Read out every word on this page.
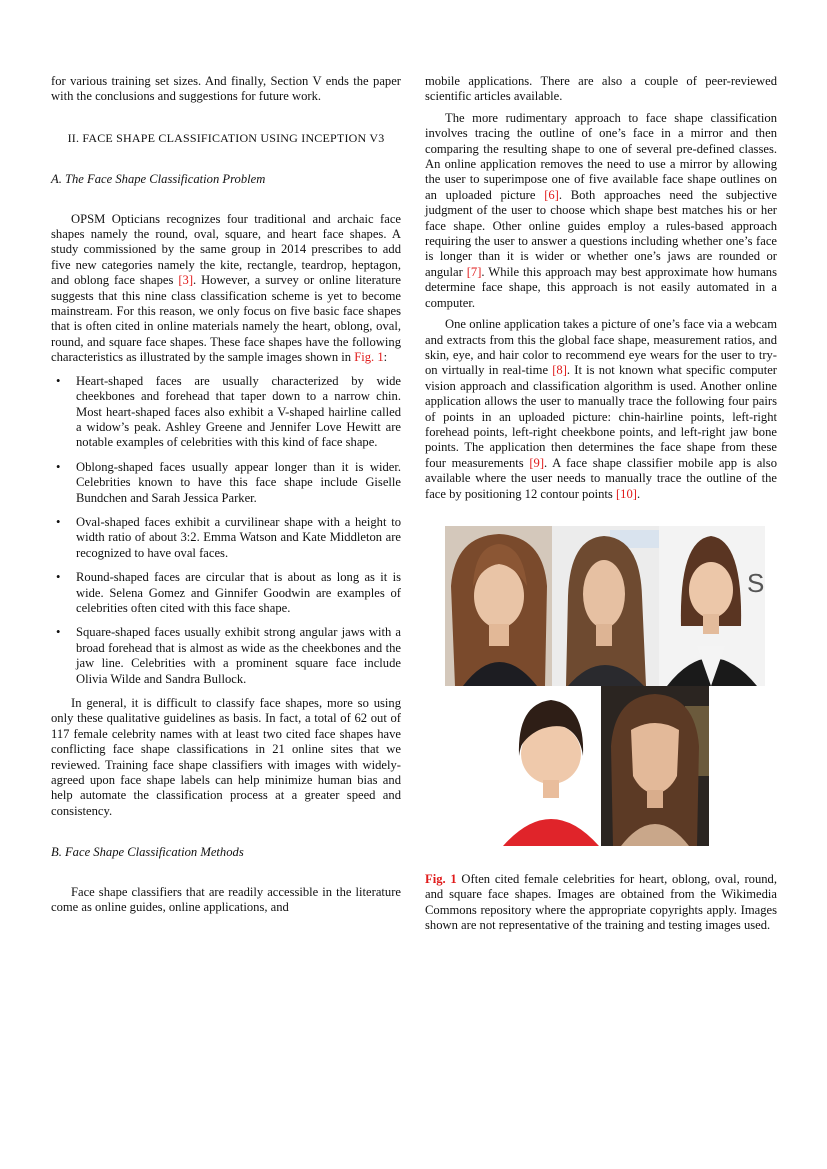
for various training set sizes. And finally, Section V ends the paper with the conclusions and suggestions for future work.

II. FACE SHAPE CLASSIFICATION USING INCEPTION V3

A. The Face Shape Classification Problem

OPSM Opticians recognizes four traditional and archaic face shapes namely the round, oval, square, and heart face shapes. A study commissioned by the same group in 2014 prescribes to add five new categories namely the kite, rectangle, teardrop, heptagon, and oblong face shapes [3]. However, a survey or online literature suggests that this nine class classification scheme is yet to become mainstream. For this reason, we only focus on five basic face shapes that is often cited in online materials namely the heart, oblong, oval, round, and square face shapes. These face shapes have the following characteristics as illustrated by the sample images shown in Fig. 1:

• Heart-shaped faces are usually characterized by wide cheekbones and forehead that taper down to a narrow chin. Most heart-shaped faces also exhibit a V-shaped hairline called a widow’s peak. Ashley Greene and Jennifer Love Hewitt are notable examples of celebrities with this kind of face shape.
• Oblong-shaped faces usually appear longer than it is wider. Celebrities known to have this face shape include Giselle Bundchen and Sarah Jessica Parker.
• Oval-shaped faces exhibit a curvilinear shape with a height to width ratio of about 3:2. Emma Watson and Kate Middleton are recognized to have oval faces.
• Round-shaped faces are circular that is about as long as it is wide. Selena Gomez and Ginnifer Goodwin are examples of celebrities often cited with this face shape.
• Square-shaped faces usually exhibit strong angular jaws with a broad forehead that is almost as wide as the cheekbones and the jaw line. Celebrities with a prominent square face include Olivia Wilde and Sandra Bullock.

In general, it is difficult to classify face shapes, more so using only these qualitative guidelines as basis. In fact, a total of 62 out of 117 female celebrity names with at least two cited face shapes have conflicting face shape classifications in 21 online sites that we reviewed. Training face shape classifiers with images with widely-agreed upon face shape labels can help minimize human bias and help automate the classification process at a greater speed and consistency.

B. Face Shape Classification Methods

Face shape classifiers that are readily accessible in the literature come as online guides, online applications, and

mobile applications. There are also a couple of peer-reviewed scientific articles available.

The more rudimentary approach to face shape classification involves tracing the outline of one’s face in a mirror and then comparing the resulting shape to one of several pre-defined classes. An online application removes the need to use a mirror by allowing the user to superimpose one of five available face shape outlines on an uploaded picture [6]. Both approaches need the subjective judgment of the user to choose which shape best matches his or her face shape. Other online guides employ a rules-based approach requiring the user to answer a questions including whether one’s face is longer than it is wider or whether one’s jaws are rounded or angular [7]. While this approach may best approximate how humans determine face shape, this approach is not easily automated in a computer.

One online application takes a picture of one’s face via a webcam and extracts from this the global face shape, measurement ratios, and skin, eye, and hair color to recommend eye wears for the user to try-on virtually in real-time [8]. It is not known what specific computer vision approach and classification algorithm is used. Another online application allows the user to manually trace the following four pairs of points in an uploaded picture: chin-hairline points, left-right forehead points, left-right cheekbone points, and left-right jaw bone points. The application then determines the face shape from these four measurements [9]. A face shape classifier mobile app is also available where the user needs to manually trace the outline of the face by positioning 12 contour points [10].

S

Fig. 1 Often cited female celebrities for heart, oblong, oval, round, and square face shapes. Images are obtained from the Wikimedia Commons repository where the appropriate copyrights apply. Images shown are not representative of the training and testing images used.
